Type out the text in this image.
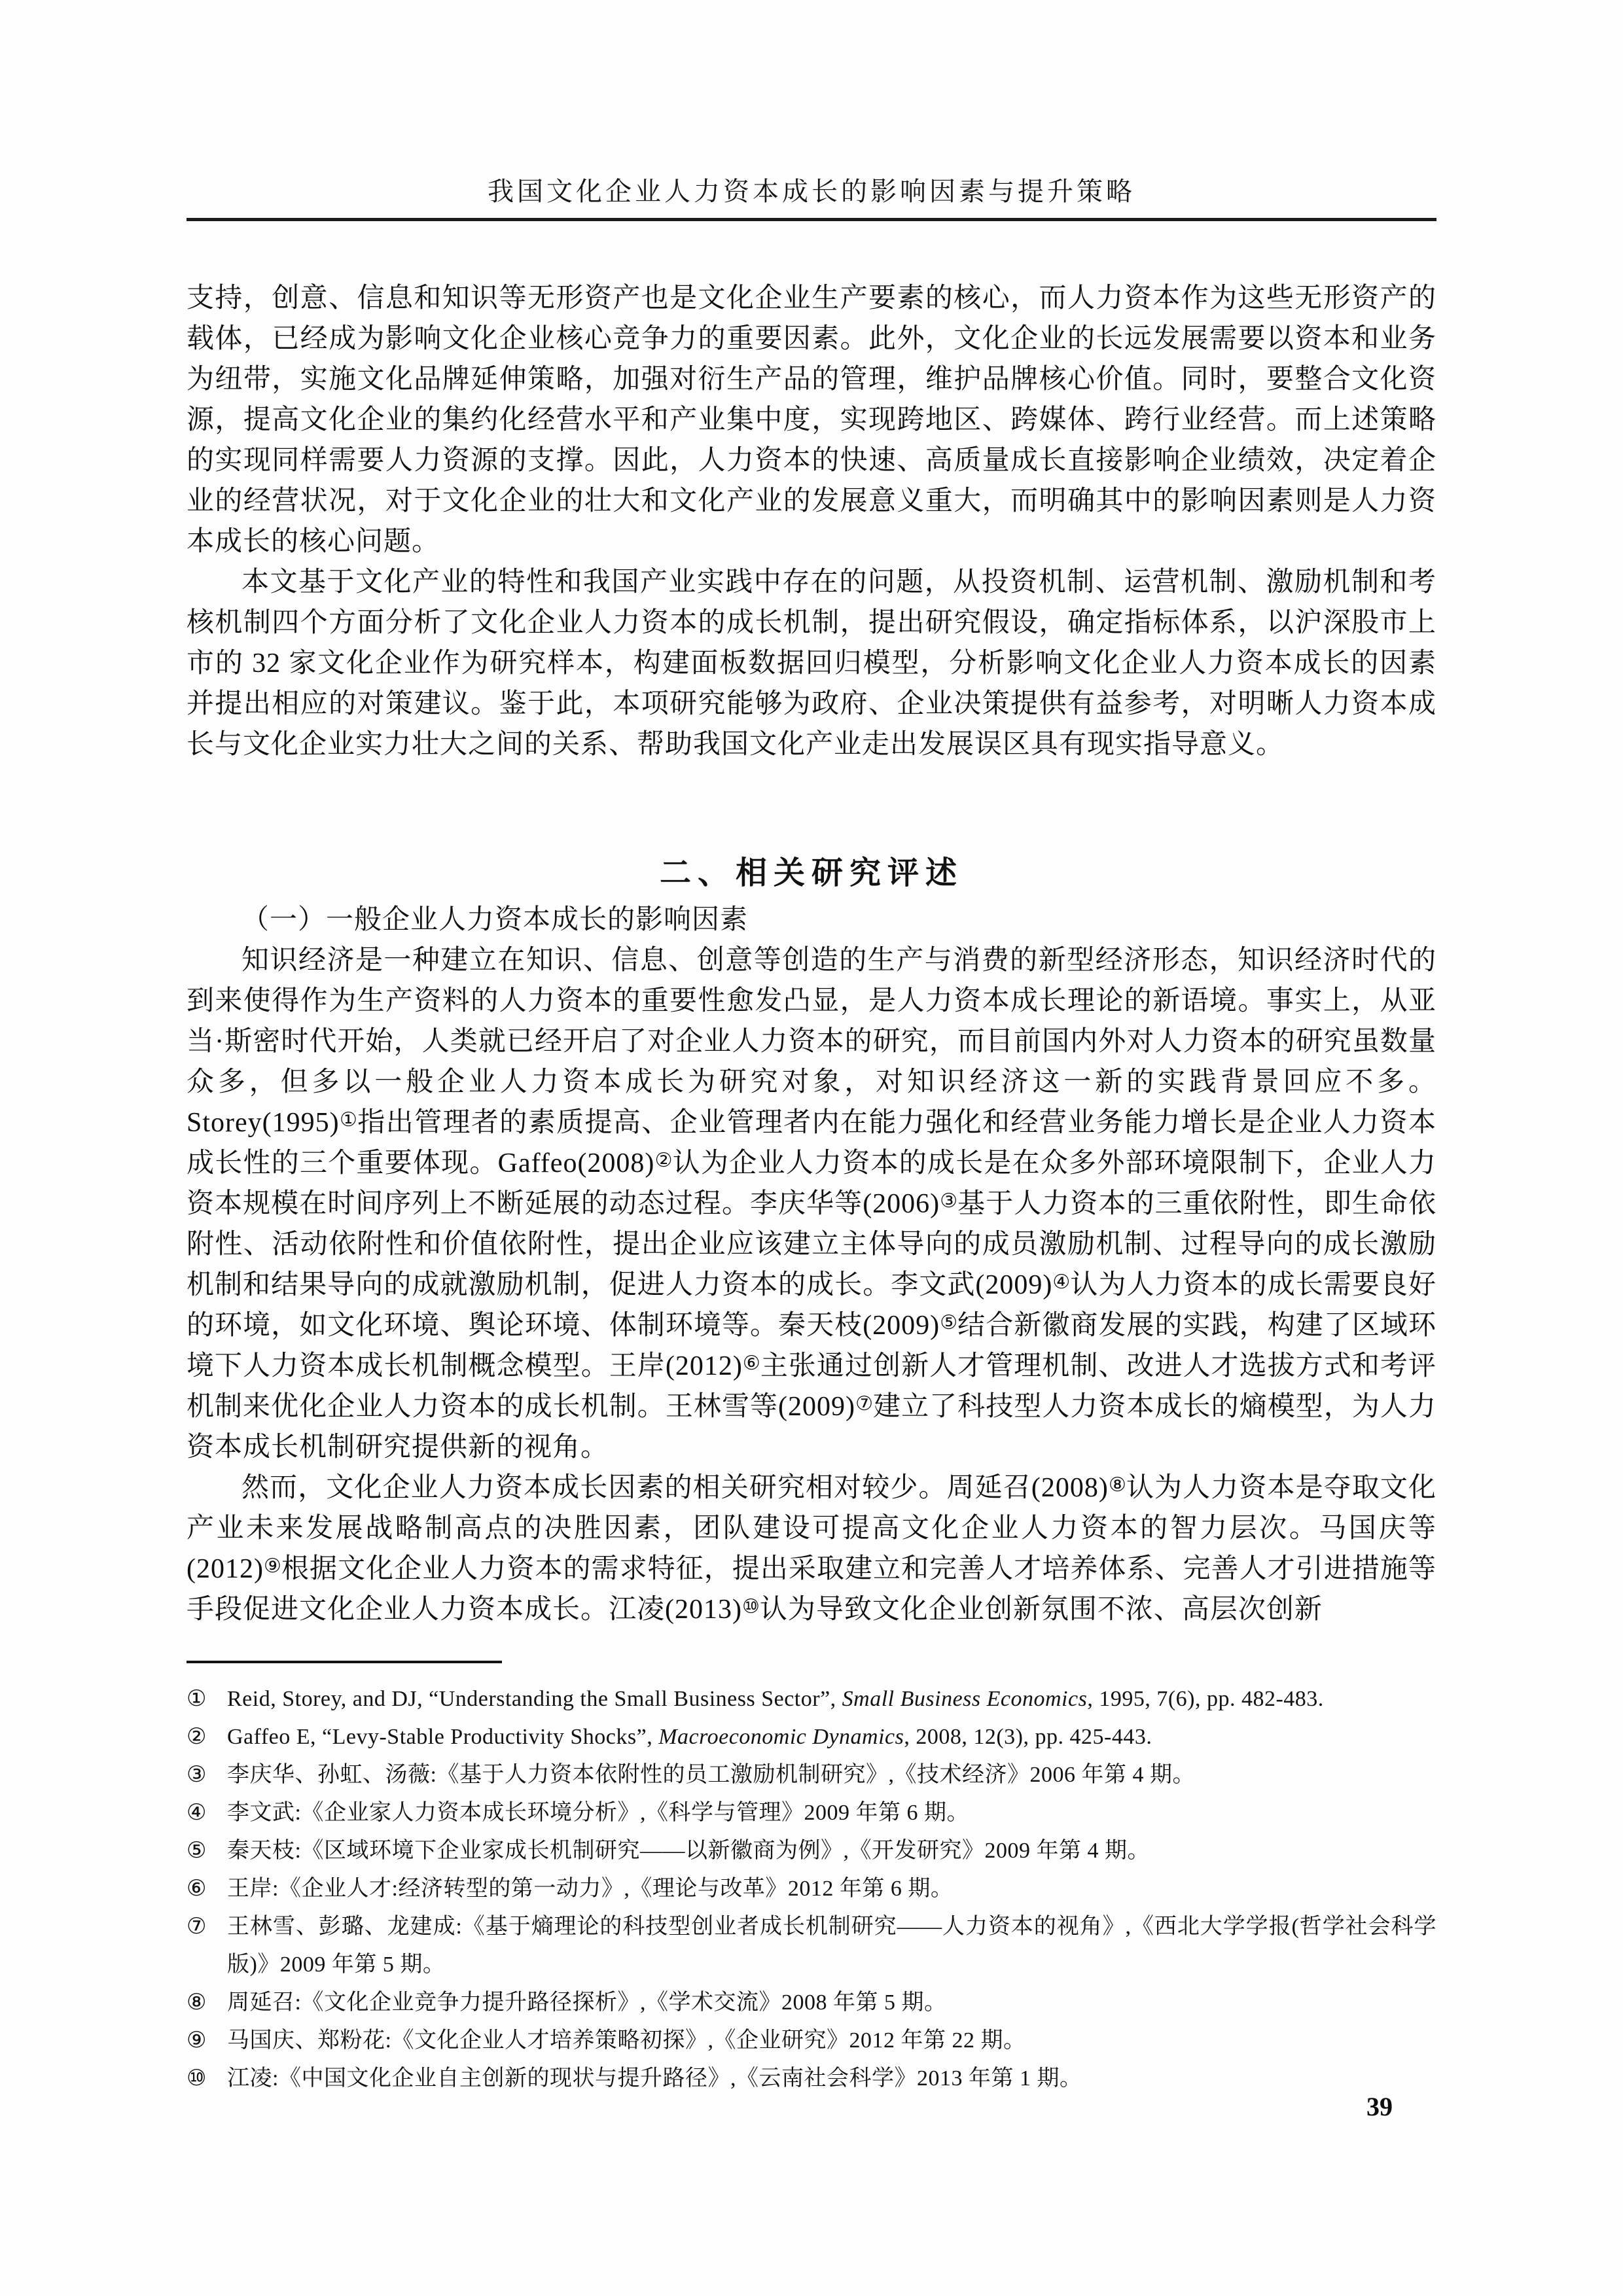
我国文化企业人力资本成长的影响因素与提升策略

支持，创意、信息和知识等无形资产也是文化企业生产要素的核心，而人力资本作为这些无形资产的载体，已经成为影响文化企业核心竞争力的重要因素。此外，文化企业的长远发展需要以资本和业务为纽带，实施文化品牌延伸策略，加强对衍生产品的管理，维护品牌核心价值。同时，要整合文化资源，提高文化企业的集约化经营水平和产业集中度，实现跨地区、跨媒体、跨行业经营。而上述策略的实现同样需要人力资源的支撑。因此，人力资本的快速、高质量成长直接影响企业绩效，决定着企业的经营状况，对于文化企业的壮大和文化产业的发展意义重大，而明确其中的影响因素则是人力资本成长的核心问题。

本文基于文化产业的特性和我国产业实践中存在的问题，从投资机制、运营机制、激励机制和考核机制四个方面分析了文化企业人力资本的成长机制，提出研究假设，确定指标体系，以沪深股市上市的 32 家文化企业作为研究样本，构建面板数据回归模型，分析影响文化企业人力资本成长的因素并提出相应的对策建议。鉴于此，本项研究能够为政府、企业决策提供有益参考，对明晰人力资本成长与文化企业实力壮大之间的关系、帮助我国文化产业走出发展误区具有现实指导意义。

二、相关研究评述

（一）一般企业人力资本成长的影响因素

知识经济是一种建立在知识、信息、创意等创造的生产与消费的新型经济形态，知识经济时代的到来使得作为生产资料的人力资本的重要性愈发凸显，是人力资本成长理论的新语境。事实上，从亚当·斯密时代开始，人类就已经开启了对企业人力资本的研究，而目前国内外对人力资本的研究虽数量众多，但多以一般企业人力资本成长为研究对象，对知识经济这一新的实践背景回应不多。Storey(1995)①指出管理者的素质提高、企业管理者内在能力强化和经营业务能力增长是企业人力资本成长性的三个重要体现。Gaffeo(2008)②认为企业人力资本的成长是在众多外部环境限制下，企业人力资本规模在时间序列上不断延展的动态过程。李庆华等(2006)③基于人力资本的三重依附性，即生命依附性、活动依附性和价值依附性，提出企业应该建立主体导向的成员激励机制、过程导向的成长激励机制和结果导向的成就激励机制，促进人力资本的成长。李文武(2009)④认为人力资本的成长需要良好的环境，如文化环境、舆论环境、体制环境等。秦天枝(2009)⑤结合新徽商发展的实践，构建了区域环境下人力资本成长机制概念模型。王岸(2012)⑥主张通过创新人才管理机制、改进人才选拔方式和考评机制来优化企业人力资本的成长机制。王林雪等(2009)⑦建立了科技型人力资本成长的熵模型，为人力资本成长机制研究提供新的视角。

然而，文化企业人力资本成长因素的相关研究相对较少。周延召(2008)⑧认为人力资本是夺取文化产业未来发展战略制高点的决胜因素，团队建设可提高文化企业人力资本的智力层次。马国庆等(2012)⑨根据文化企业人力资本的需求特征，提出采取建立和完善人才培养体系、完善人才引进措施等手段促进文化企业人力资本成长。江凌(2013)⑩认为导致文化企业创新氛围不浓、高层次创新

① Reid, Storey, and DJ, “Understanding the Small Business Sector”, Small Business Economics, 1995, 7(6), pp. 482-483.
② Gaffeo E, “Levy-Stable Productivity Shocks”, Macroeconomic Dynamics, 2008, 12(3), pp. 425-443.
③ 李庆华、孙虹、汤薇:《基于人力资本依附性的员工激励机制研究》,《技术经济》2006 年第 4 期。
④ 李文武:《企业家人力资本成长环境分析》,《科学与管理》2009 年第 6 期。
⑤ 秦天枝:《区域环境下企业家成长机制研究——以新徽商为例》,《开发研究》2009 年第 4 期。
⑥ 王岸:《企业人才:经济转型的第一动力》,《理论与改革》2012 年第 6 期。
⑦ 王林雪、彭璐、龙建成:《基于熵理论的科技型创业者成长机制研究——人力资本的视角》,《西北大学学报(哲学社会科学版)》2009 年第 5 期。
⑧ 周延召:《文化企业竞争力提升路径探析》,《学术交流》2008 年第 5 期。
⑨ 马国庆、郑粉花:《文化企业人才培养策略初探》,《企业研究》2012 年第 22 期。
⑩ 江凌:《中国文化企业自主创新的现状与提升路径》,《云南社会科学》2013 年第 1 期。
39
